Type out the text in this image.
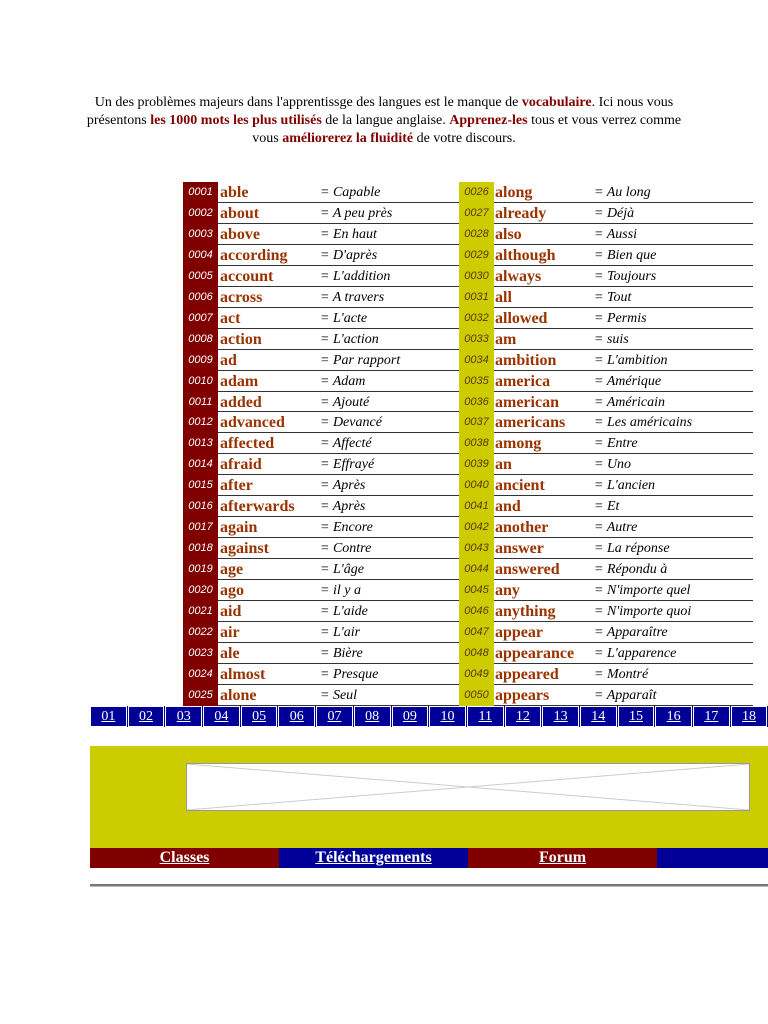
Un des problèmes majeurs dans l'apprentissge des langues est le manque de vocabulaire. Ici nous vous présentons les 1000 mots les plus utilisés de la langue anglaise. Apprenez-les tous et vous verrez comme vous améliorerez la fluidité de votre discours.
0001 able	= Capable
0002 about	= A peu près
0003 above	= En haut
0004 according = D'après
0005 account	= L'addition
0006 across	= A travers
0007 act	= L'acte
0008 action	= L'action
0009 ad	= Par rapport
0010 adam	= Adam
0011 added	= Ajouté
0012 advanced	= Devancé
0013 affected	= Affecté
0014 afraid	= Effrayé
0015 after	= Après
0016 afterwards = Après
0017 again	= Encore
0018 against	= Contre
0019 age	= L'âge
0020 ago	= il y a
0021 aid	= L'aide
0022 air	= L'air
0023 ale	= Bière
0024 almost	= Presque
0025 alone	= Seul
0026 along	= Au long
0027 already	= Déjà
0028 also	= Aussi
0029 although	= Bien que
0030 always	= Toujours
0031 all	= Tout
0032 allowed	= Permis
0033 am	= suis
0034 ambition	= L'ambition
0035 america	= Amérique
0036 american	= Américain
0037 americans = Les américains
0038 among	= Entre
0039 an	= Uno
0040 ancient	= L'ancien
0041 and	= Et
0042 another	= Autre
0043 answer	= La réponse
0044 answered = Répondu à
0045 any	= N'importe quel
0046 anything	= N'importe quoi
0047 appear	= Apparaître
0048 appearance = L'apparence
0049 appeared	= Montré
0050 appears	= Apparaît
01	02	03	04	05	06	07	08	09	10	11	12	13	14	15	16	17	18
Classes	Téléchargements	Forum
